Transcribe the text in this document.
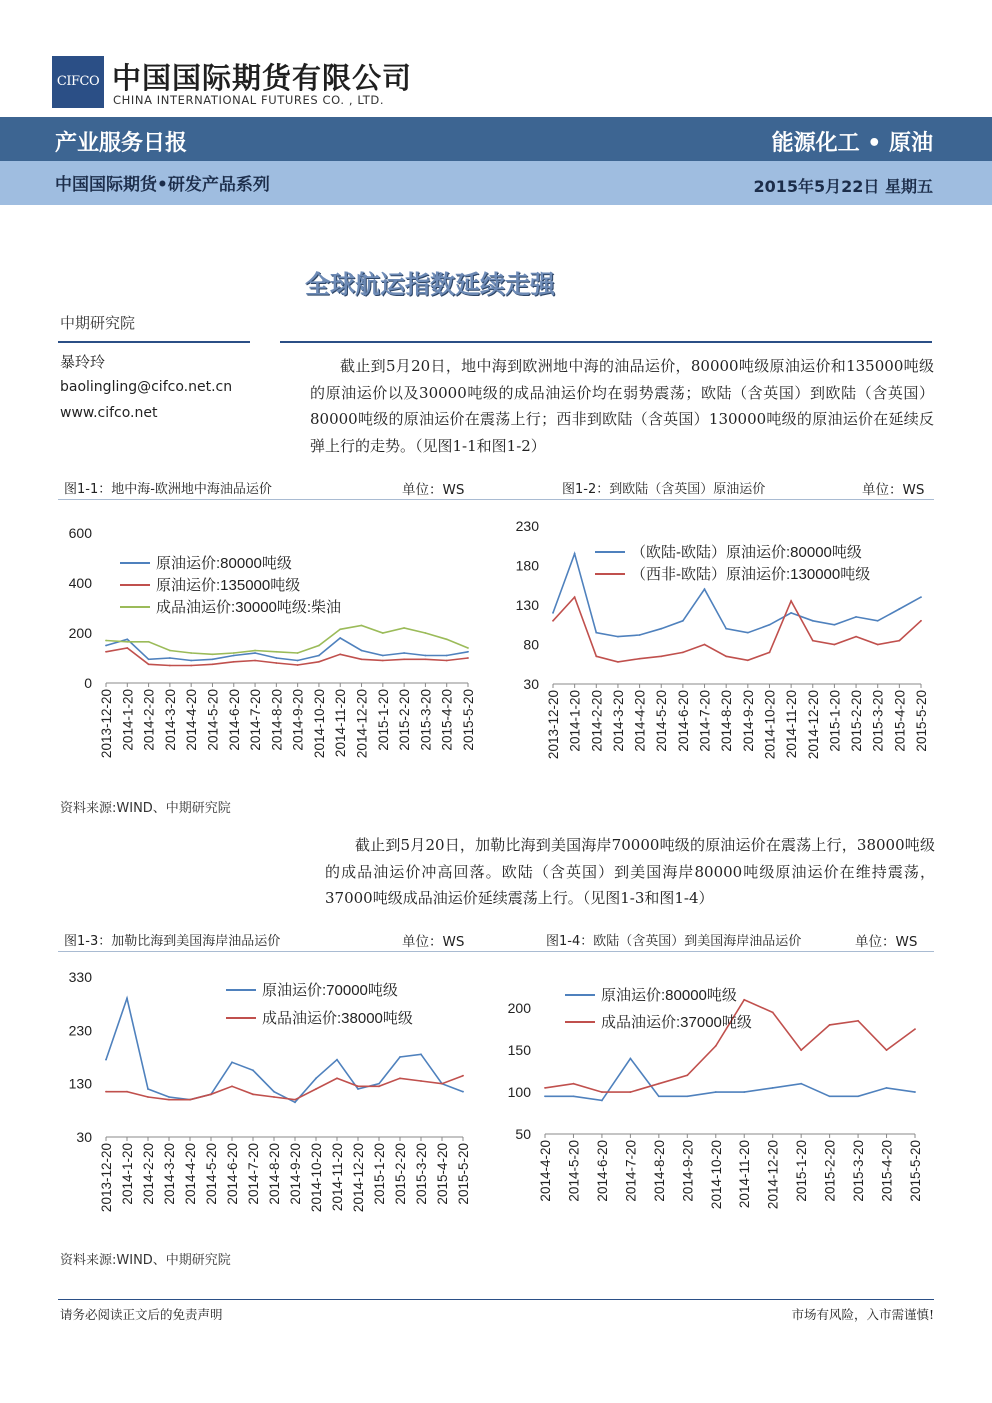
CIFCO 中国国际期货有限公司
CHINA INTERNATIONAL FUTURES CO. , LTD.
产业服务日报	能源化工 • 原油
中国国际期货•研发产品系列	2015年5月22日 星期五
全球航运指数延续走强
中期研究院
暴玲玲
baolingling@cifco.net.cn
www.cifco.net
截止到5月20日，地中海到欧洲地中海的油品运价，80000吨级原油运价和135000吨级的原油运价以及30000吨级的成品油运价均在弱势震荡；欧陆（含英国）到欧陆（含英国）80000吨级的原油运价在震荡上行；西非到欧陆（含英国）130000吨级的原油运价在延续反弹上行的走势。（见图1-1和图1-2）
图1-1：地中海-欧洲地中海油品运价	单位：WS	图1-2：到欧陆（含英国）原油运价	单位：WS
0
200
400
600
2013-12-20 2014-1-20 2014-2-20 2014-3-20 2014-4-20 2014-5-20 2014-6-20 2014-7-20 2014-8-20 2014-9-20 2014-10-20 2014-11-20 2014-12-20 2015-1-20 2015-2-20 2015-3-20 2015-4-20 2015-5-20
原油运价:80000吨级
原油运价:135000吨级
成品油运价:30000吨级:柴油
30
80
130
180
230
2013-12-20 2014-1-20 2014-2-20 2014-3-20 2014-4-20 2014-5-20 2014-6-20 2014-7-20 2014-8-20 2014-9-20 2014-10-20 2014-11-20 2014-12-20 2015-1-20 2015-2-20 2015-3-20 2015-4-20 2015-5-20
（欧陆-欧陆）原油运价:80000吨级
（西非-欧陆）原油运价:130000吨级
资料来源:WIND、中期研究院
截止到5月20日，加勒比海到美国海岸70000吨级的原油运价在震荡上行，38000吨级的成品油运价冲高回落。欧陆（含英国）到美国海岸80000吨级原油运价在维持震荡，37000吨级成品油运价延续震荡上行。（见图1-3和图1-4）
图1-3：加勒比海到美国海岸油品运价	单位：WS	图1-4：欧陆（含英国）到美国海岸油品运价	单位：WS
30
130
230
330
2013-12-20 2014-1-20 2014-2-20 2014-3-20 2014-4-20 2014-5-20 2014-6-20 2014-7-20 2014-8-20 2014-9-20 2014-10-20 2014-11-20 2014-12-20 2015-1-20 2015-2-20 2015-3-20 2015-4-20 2015-5-20
原油运价:70000吨级
成品油运价:38000吨级
50
100
150
200
2014-4-20 2014-5-20 2014-6-20 2014-7-20 2014-8-20 2014-9-20 2014-10-20 2014-11-20 2014-12-20 2015-1-20 2015-2-20 2015-3-20 2015-4-20 2015-5-20
原油运价:80000吨级
成品油运价:37000吨级
资料来源:WIND、中期研究院
请务必阅读正文后的免责声明	市场有风险，入市需谨慎!
